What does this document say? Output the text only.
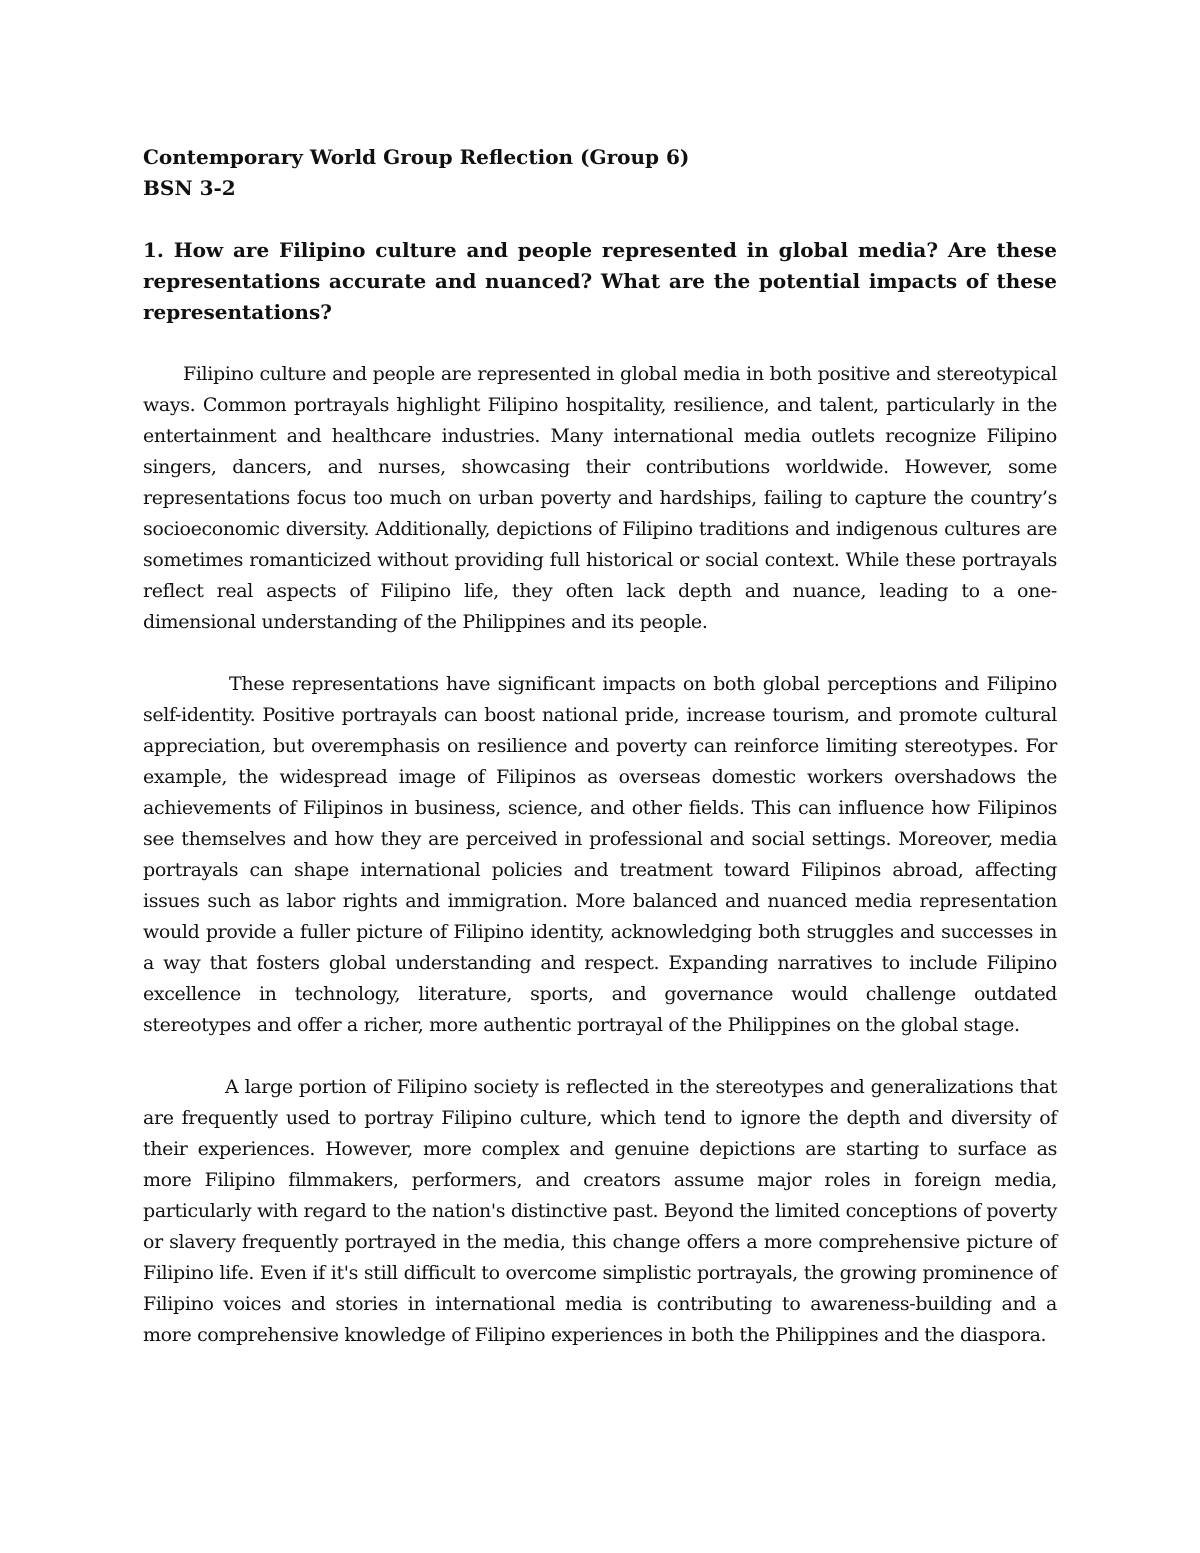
Contemporary World Group Reflection (Group 6)

BSN 3-2

1. How are Filipino culture and people represented in global media? Are these representations accurate and nuanced? What are the potential impacts of these representations?

Filipino culture and people are represented in global media in both positive and stereotypical ways. Common portrayals highlight Filipino hospitality, resilience, and talent, particularly in the entertainment and healthcare industries. Many international media outlets recognize Filipino singers, dancers, and nurses, showcasing their contributions worldwide. However, some representations focus too much on urban poverty and hardships, failing to capture the country’s socioeconomic diversity. Additionally, depictions of Filipino traditions and indigenous cultures are sometimes romanticized without providing full historical or social context. While these portrayals reflect real aspects of Filipino life, they often lack depth and nuance, leading to a one-dimensional understanding of the Philippines and its people.

These representations have significant impacts on both global perceptions and Filipino self-identity. Positive portrayals can boost national pride, increase tourism, and promote cultural appreciation, but overemphasis on resilience and poverty can reinforce limiting stereotypes. For example, the widespread image of Filipinos as overseas domestic workers overshadows the achievements of Filipinos in business, science, and other fields. This can influence how Filipinos see themselves and how they are perceived in professional and social settings. Moreover, media portrayals can shape international policies and treatment toward Filipinos abroad, affecting issues such as labor rights and immigration. More balanced and nuanced media representation would provide a fuller picture of Filipino identity, acknowledging both struggles and successes in a way that fosters global understanding and respect. Expanding narratives to include Filipino excellence in technology, literature, sports, and governance would challenge outdated stereotypes and offer a richer, more authentic portrayal of the Philippines on the global stage.

A large portion of Filipino society is reflected in the stereotypes and generalizations that are frequently used to portray Filipino culture, which tend to ignore the depth and diversity of their experiences. However, more complex and genuine depictions are starting to surface as more Filipino filmmakers, performers, and creators assume major roles in foreign media, particularly with regard to the nation's distinctive past. Beyond the limited conceptions of poverty or slavery frequently portrayed in the media, this change offers a more comprehensive picture of Filipino life. Even if it's still difficult to overcome simplistic portrayals, the growing prominence of Filipino voices and stories in international media is contributing to awareness-building and a more comprehensive knowledge of Filipino experiences in both the Philippines and the diaspora.
